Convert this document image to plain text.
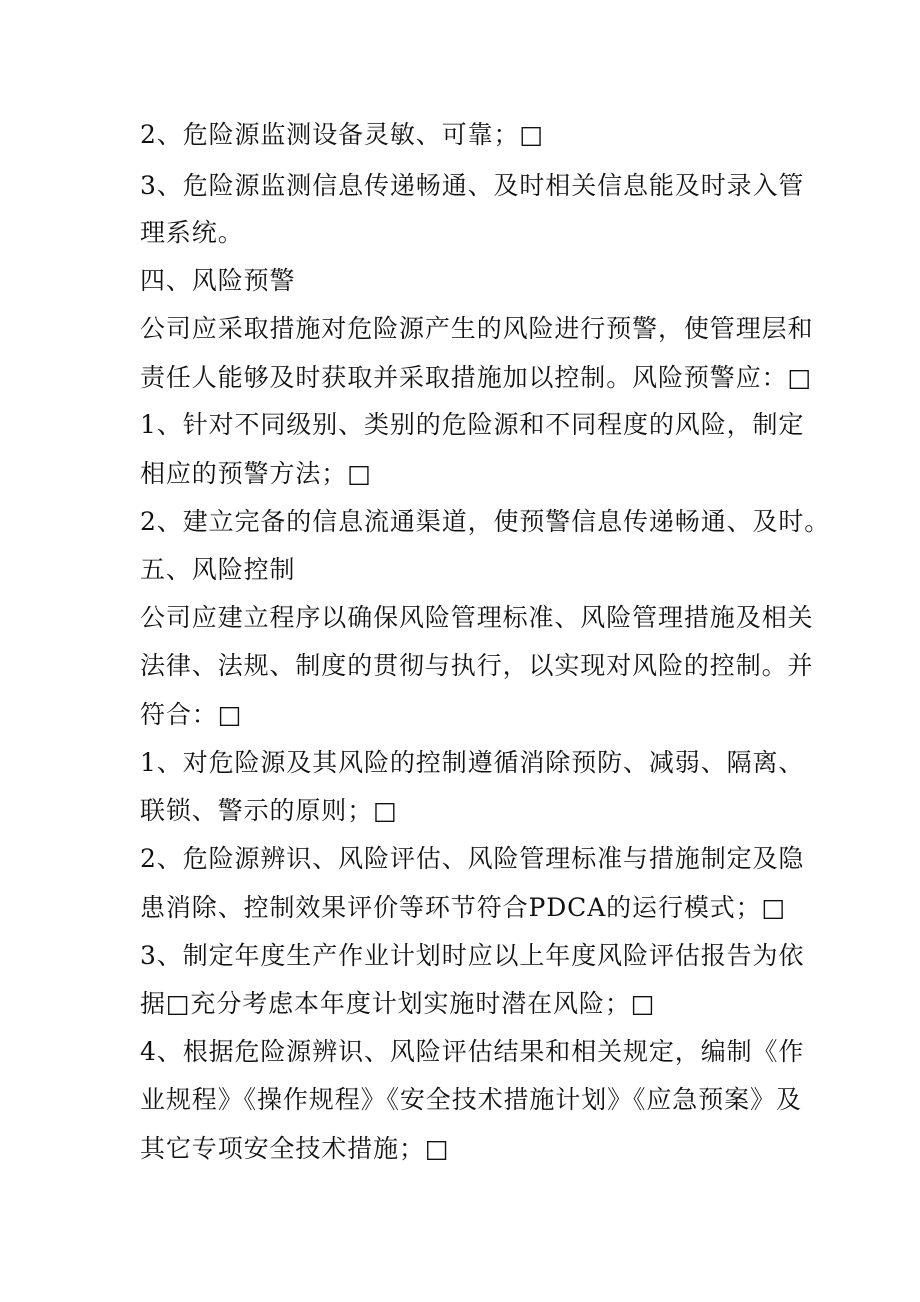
2、危险源监测设备灵敏、可靠；□
3、危险源监测信息传递畅通、及时相关信息能及时录入管
理系统。
四、风险预警
公司应采取措施对危险源产生的风险进行预警，使管理层和
责任人能够及时获取并采取措施加以控制。风险预警应：□
1、针对不同级别、类别的危险源和不同程度的风险，制定
相应的预警方法；□
2、建立完备的信息流通渠道，使预警信息传递畅通、及时。
五、风险控制
公司应建立程序以确保风险管理标准、风险管理措施及相关
法律、法规、制度的贯彻与执行，以实现对风险的控制。并
符合：□
1、对危险源及其风险的控制遵循消除预防、减弱、隔离、
联锁、警示的原则；□
2、危险源辨识、风险评估、风险管理标准与措施制定及隐
患消除、控制效果评价等环节符合PDCA的运行模式；□
3、制定年度生产作业计划时应以上年度风险评估报告为依
据□充分考虑本年度计划实施时潜在风险；□
4、根据危险源辨识、风险评估结果和相关规定，编制《作
业规程》《操作规程》《安全技术措施计划》《应急预案》及
其它专项安全技术措施；□
